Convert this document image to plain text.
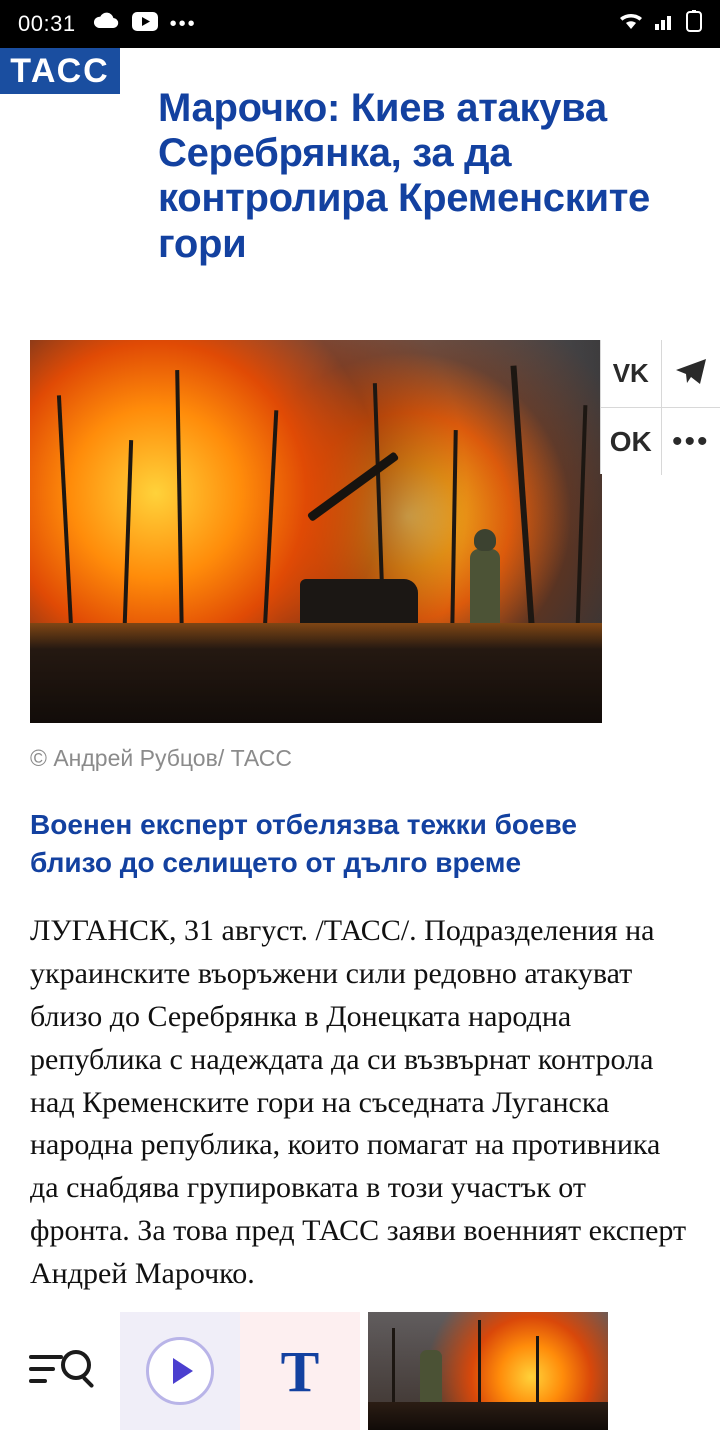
00:31	•••
ТАСС
Марочко: Киев атакува Серебрянка, за да контролира Кременските гори
VK
OK •••
© Андрей Рубцов/ ТАСС
Военен експерт отбелязва тежки боеве близо до селището от дълго време

ЛУГАНСК, 31 август. /ТАСС/. Подразделения на украинските въоръжени сили редовно атакуват близо до Серебрянка в Донецката народна република с надеждата да си възвърнат контрола над Кременските гори на съседната Луганска народна република, които помагат на противника да снабдява групировката в този участък от фронта. За това пред ТАСС заяви военният експерт Андрей Марочко.

T
